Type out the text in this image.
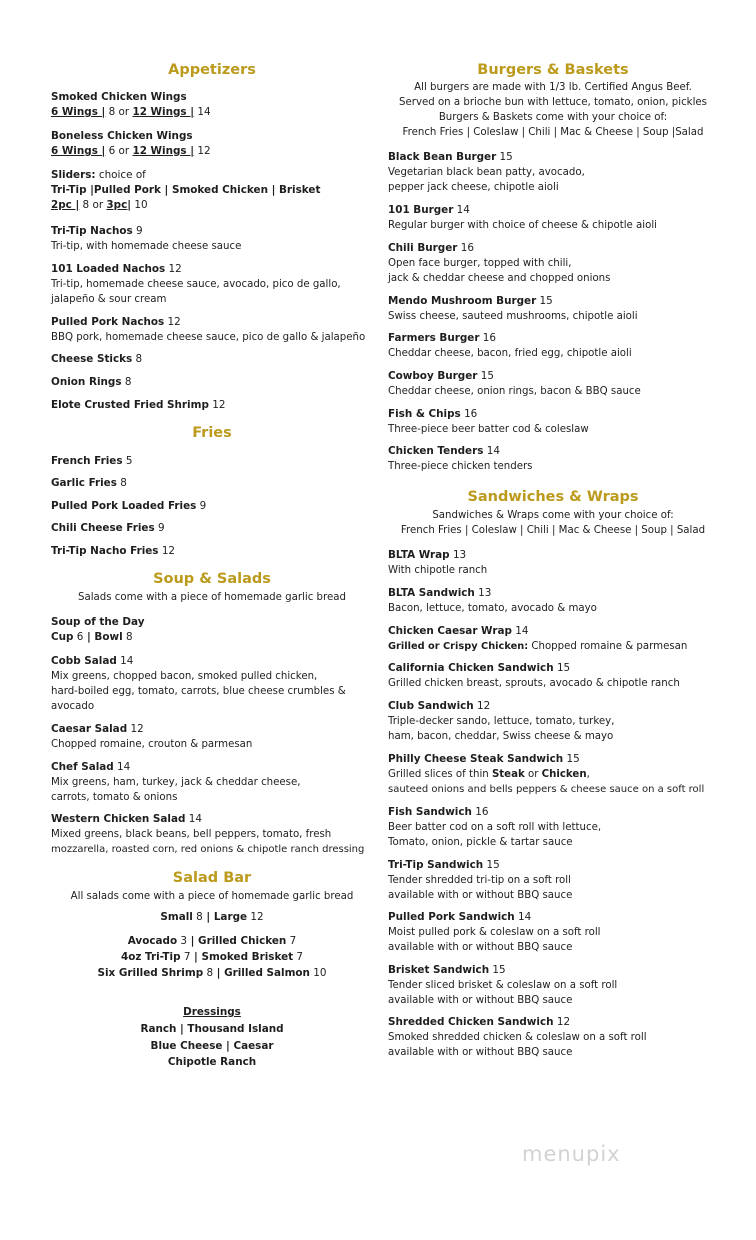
Appetizers
Smoked Chicken Wings
6 Wings | 8 or 12 Wings | 14
Boneless Chicken Wings
6 Wings | 6 or 12 Wings | 12
Sliders: choice of
Tri-Tip |Pulled Pork | Smoked Chicken | Brisket
2pc | 8 or 3pc| 10
Tri-Tip Nachos 9
Tri-tip, with homemade cheese sauce
101 Loaded Nachos 12
Tri-tip, homemade cheese sauce, avocado, pico de gallo,
jalapeño & sour cream
Pulled Pork Nachos 12
BBQ pork, homemade cheese sauce, pico de gallo & jalapeño
Cheese Sticks 8
Onion Rings 8
Elote Crusted Fried Shrimp 12
Fries
French Fries 5
Garlic Fries 8
Pulled Pork Loaded Fries 9
Chili Cheese Fries 9
Tri-Tip Nacho Fries 12
Soup & Salads
Salads come with a piece of homemade garlic bread
Soup of the Day
Cup 6 | Bowl 8
Cobb Salad 14
Mix greens, chopped bacon, smoked pulled chicken,
hard-boiled egg, tomato, carrots, blue cheese crumbles &
avocado
Caesar Salad 12
Chopped romaine, crouton & parmesan
Chef Salad 14
Mix greens, ham, turkey, jack & cheddar cheese,
carrots, tomato & onions
Western Chicken Salad 14
Mixed greens, black beans, bell peppers, tomato, fresh
mozzarella, roasted corn, red onions & chipotle ranch dressing
Salad Bar
All salads come with a piece of homemade garlic bread
Small 8 | Large 12
Avocado 3 | Grilled Chicken 7
4oz Tri-Tip 7 | Smoked Brisket 7
Six Grilled Shrimp 8 | Grilled Salmon 10
Dressings
Ranch | Thousand Island
Blue Cheese | Caesar
Chipotle Ranch
Burgers & Baskets
All burgers are made with 1/3 lb. Certified Angus Beef.
Served on a brioche bun with lettuce, tomato, onion, pickles
Burgers & Baskets come with your choice of:
French Fries | Coleslaw | Chili | Mac & Cheese | Soup |Salad
Black Bean Burger 15
Vegetarian black bean patty, avocado,
pepper jack cheese, chipotle aioli
101 Burger 14
Regular burger with choice of cheese & chipotle aioli
Chili Burger 16
Open face burger, topped with chili,
jack & cheddar cheese and chopped onions
Mendo Mushroom Burger 15
Swiss cheese, sauteed mushrooms, chipotle aioli
Farmers Burger 16
Cheddar cheese, bacon, fried egg, chipotle aioli
Cowboy Burger 15
Cheddar cheese, onion rings, bacon & BBQ sauce
Fish & Chips 16
Three-piece beer batter cod & coleslaw
Chicken Tenders 14
Three-piece chicken tenders
Sandwiches & Wraps
Sandwiches & Wraps come with your choice of:
French Fries | Coleslaw | Chili | Mac & Cheese | Soup | Salad
BLTA Wrap 13
With chipotle ranch
BLTA Sandwich 13
Bacon, lettuce, tomato, avocado & mayo
Chicken Caesar Wrap 14
Grilled or Crispy Chicken: Chopped romaine & parmesan
California Chicken Sandwich 15
Grilled chicken breast, sprouts, avocado & chipotle ranch
Club Sandwich 12
Triple-decker sando, lettuce, tomato, turkey,
ham, bacon, cheddar, Swiss cheese & mayo
Philly Cheese Steak Sandwich 15
Grilled slices of thin Steak or Chicken,
sauteed onions and bells peppers & cheese sauce on a soft roll
Fish Sandwich 16
Beer batter cod on a soft roll with lettuce,
Tomato, onion, pickle & tartar sauce
Tri-Tip Sandwich 15
Tender shredded tri-tip on a soft roll
available with or without BBQ sauce
Pulled Pork Sandwich 14
Moist pulled pork & coleslaw on a soft roll
available with or without BBQ sauce
Brisket Sandwich 15
Tender sliced brisket & coleslaw on a soft roll
available with or without BBQ sauce
Shredded Chicken Sandwich 12
Smoked shredded chicken & coleslaw on a soft roll
available with or without BBQ sauce
menupix
